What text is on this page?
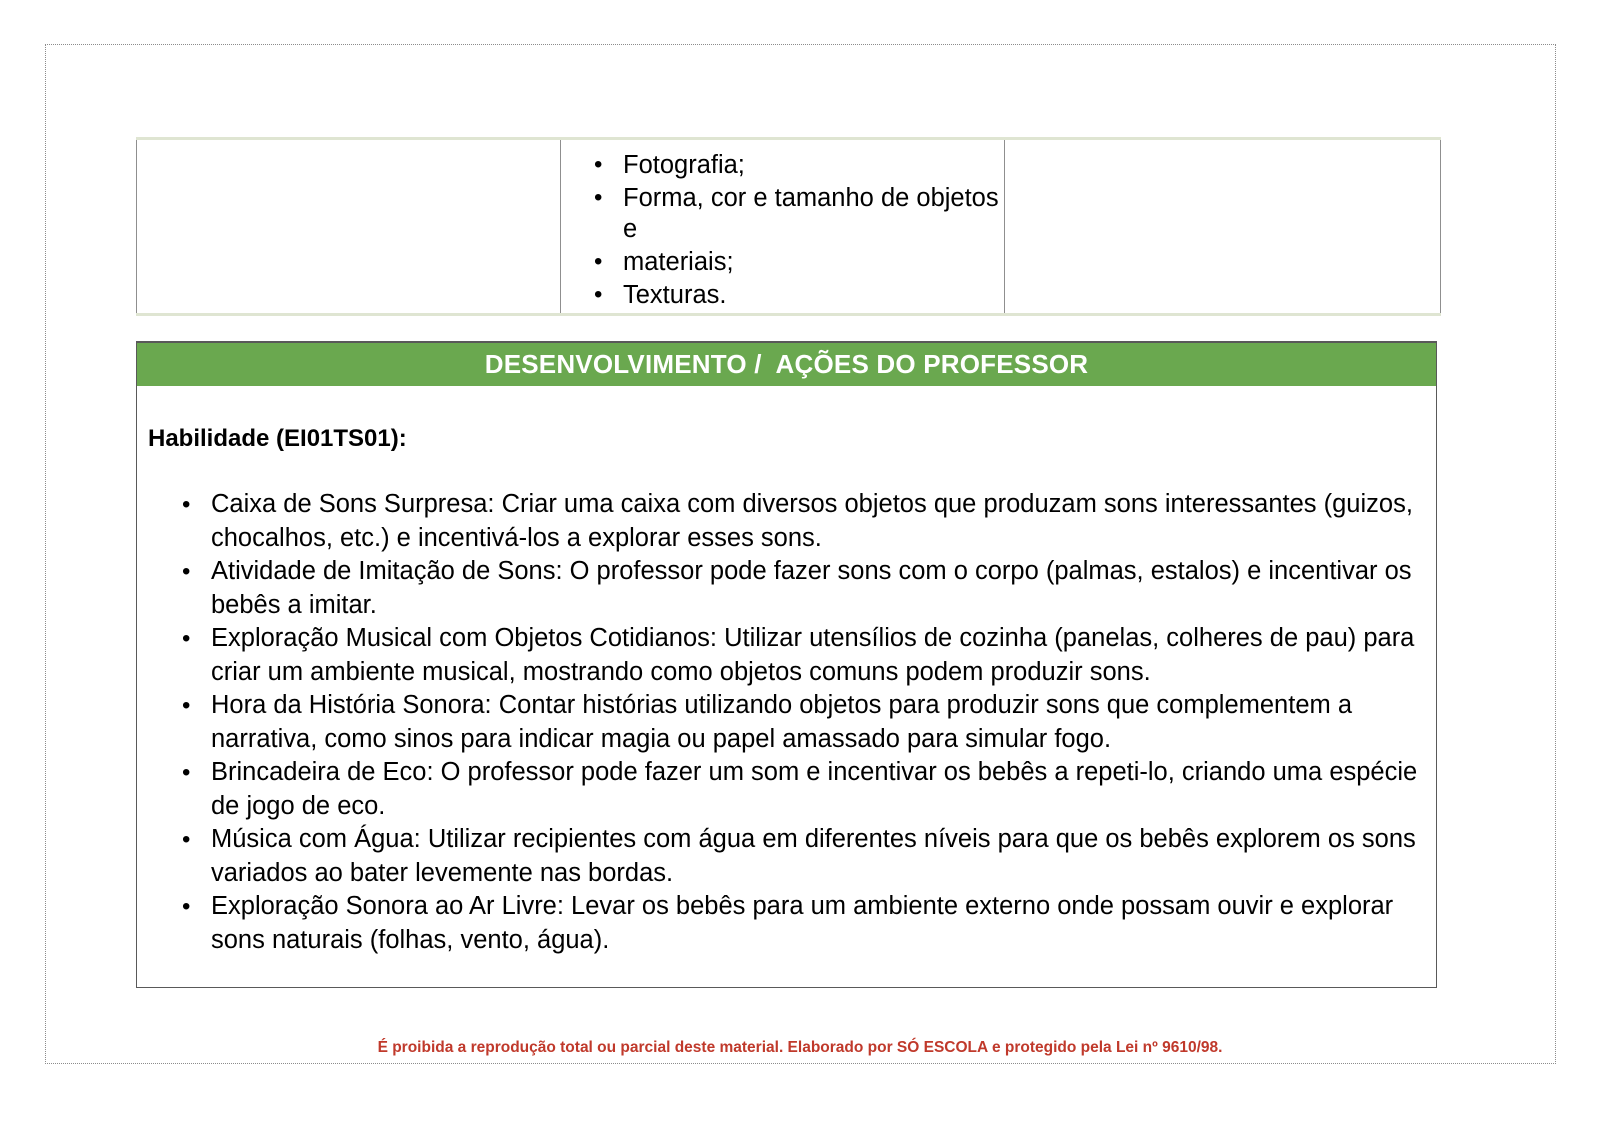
• Fotografia;
• Forma, cor e tamanho de objetos e
• materiais;
• Texturas.

DESENVOLVIMENTO /  AÇÕES DO PROFESSOR
Habilidade (EI01TS01):
• Caixa de Sons Surpresa: Criar uma caixa com diversos objetos que produzam sons interessantes (guizos, chocalhos, etc.) e incentivá-los a explorar esses sons.
• Atividade de Imitação de Sons: O professor pode fazer sons com o corpo (palmas, estalos) e incentivar os bebês a imitar.
• Exploração Musical com Objetos Cotidianos: Utilizar utensílios de cozinha (panelas, colheres de pau) para criar um ambiente musical, mostrando como objetos comuns podem produzir sons.
• Hora da História Sonora: Contar histórias utilizando objetos para produzir sons que complementem a narrativa, como sinos para indicar magia ou papel amassado para simular fogo.
• Brincadeira de Eco: O professor pode fazer um som e incentivar os bebês a repeti-lo, criando uma espécie de jogo de eco.
• Música com Água: Utilizar recipientes com água em diferentes níveis para que os bebês explorem os sons variados ao bater levemente nas bordas.
• Exploração Sonora ao Ar Livre: Levar os bebês para um ambiente externo onde possam ouvir e explorar sons naturais (folhas, vento, água).
É proibida a reprodução total ou parcial deste material. Elaborado por SÓ ESCOLA e protegido pela Lei nº 9610/98.
